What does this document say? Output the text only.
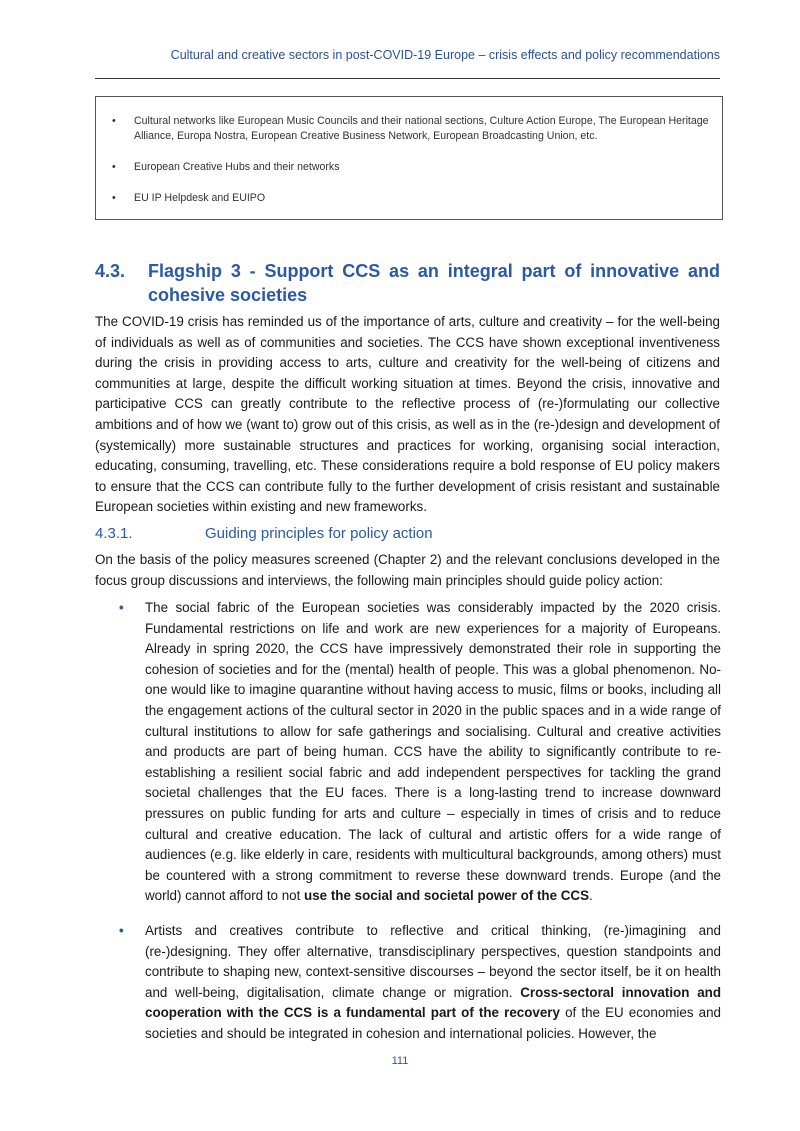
Cultural and creative sectors in post-COVID-19 Europe – crisis effects and policy recommendations
• Cultural networks like European Music Councils and their national sections, Culture Action Europe, The European Heritage Alliance, Europa Nostra, European Creative Business Network, European Broadcasting Union, etc.
• European Creative Hubs and their networks
• EU IP Helpdesk and EUIPO
4.3. Flagship 3 - Support CCS as an integral part of innovative and cohesive societies

The COVID-19 crisis has reminded us of the importance of arts, culture and creativity – for the well-being of individuals as well as of communities and societies. The CCS have shown exceptional inventiveness during the crisis in providing access to arts, culture and creativity for the well-being of citizens and communities at large, despite the difficult working situation at times. Beyond the crisis, innovative and participative CCS can greatly contribute to the reflective process of (re-)formulating our collective ambitions and of how we (want to) grow out of this crisis, as well as in the (re-)design and development of (systemically) more sustainable structures and practices for working, organising social interaction, educating, consuming, travelling, etc. These considerations require a bold response of EU policy makers to ensure that the CCS can contribute fully to the further development of crisis resistant and sustainable European societies within existing and new frameworks.

4.3.1.	Guiding principles for policy action

On the basis of the policy measures screened (Chapter 2) and the relevant conclusions developed in the focus group discussions and interviews, the following main principles should guide policy action:

• The social fabric of the European societies was considerably impacted by the 2020 crisis. Fundamental restrictions on life and work are new experiences for a majority of Europeans. Already in spring 2020, the CCS have impressively demonstrated their role in supporting the cohesion of societies and for the (mental) health of people. This was a global phenomenon. No-one would like to imagine quarantine without having access to music, films or books, including all the engagement actions of the cultural sector in 2020 in the public spaces and in a wide range of cultural institutions to allow for safe gatherings and socialising. Cultural and creative activities and products are part of being human. CCS have the ability to significantly contribute to re-establishing a resilient social fabric and add independent perspectives for tackling the grand societal challenges that the EU faces. There is a long-lasting trend to increase downward pressures on public funding for arts and culture – especially in times of crisis and to reduce cultural and creative education. The lack of cultural and artistic offers for a wide range of audiences (e.g. like elderly in care, residents with multicultural backgrounds, among others) must be countered with a strong commitment to reverse these downward trends. Europe (and the world) cannot afford to not use the social and societal power of the CCS.
• Artists and creatives contribute to reflective and critical thinking, (re-)imagining and (re-)designing. They offer alternative, transdisciplinary perspectives, question standpoints and contribute to shaping new, context-sensitive discourses – beyond the sector itself, be it on health and well-being, digitalisation, climate change or migration. Cross-sectoral innovation and cooperation with the CCS is a fundamental part of the recovery of the EU economies and societies and should be integrated in cohesion and international policies. However, the
111
